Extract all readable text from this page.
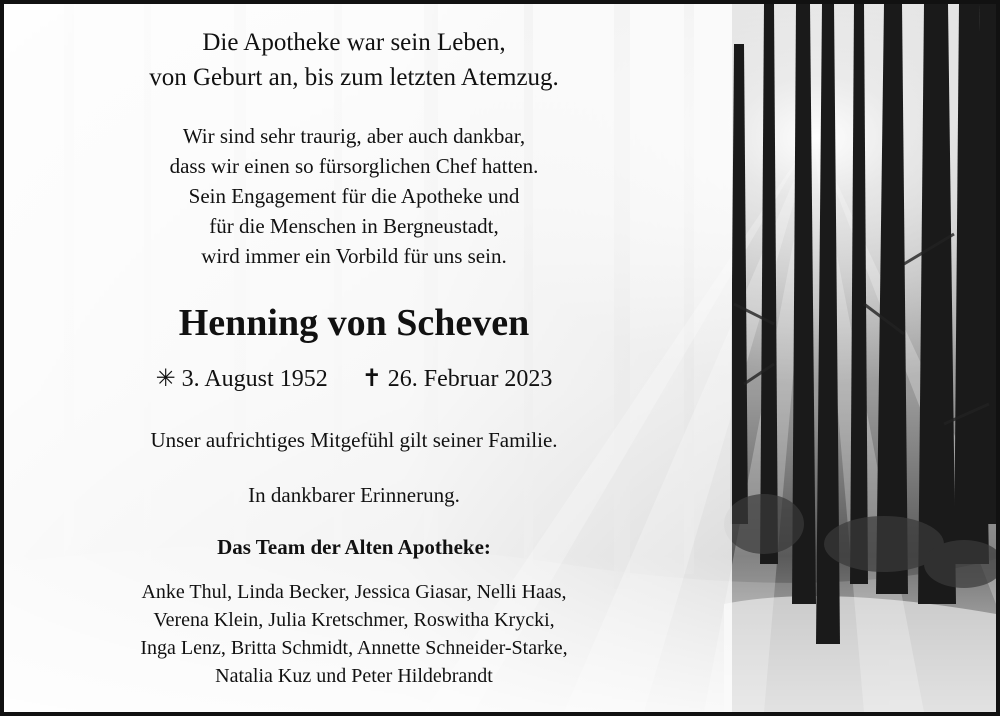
Die Apotheke war sein Leben,
von Geburt an, bis zum letzten Atemzug.
Wir sind sehr traurig, aber auch dankbar,
dass wir einen so fürsorglichen Chef hatten.
Sein Engagement für die Apotheke und
für die Menschen in Bergneustadt,
wird immer ein Vorbild für uns sein.
Henning von Scheven
✳ 3. August 1952 ✝ 26. Februar 2023
Unser aufrichtiges Mitgefühl gilt seiner Familie.
In dankbarer Erinnerung.
Das Team der Alten Apotheke:
Anke Thul, Linda Becker, Jessica Giasar, Nelli Haas,
Verena Klein, Julia Kretschmer, Roswitha Krycki,
Inga Lenz, Britta Schmidt, Annette Schneider-Starke,
Natalia Kuz und Peter Hildebrandt
